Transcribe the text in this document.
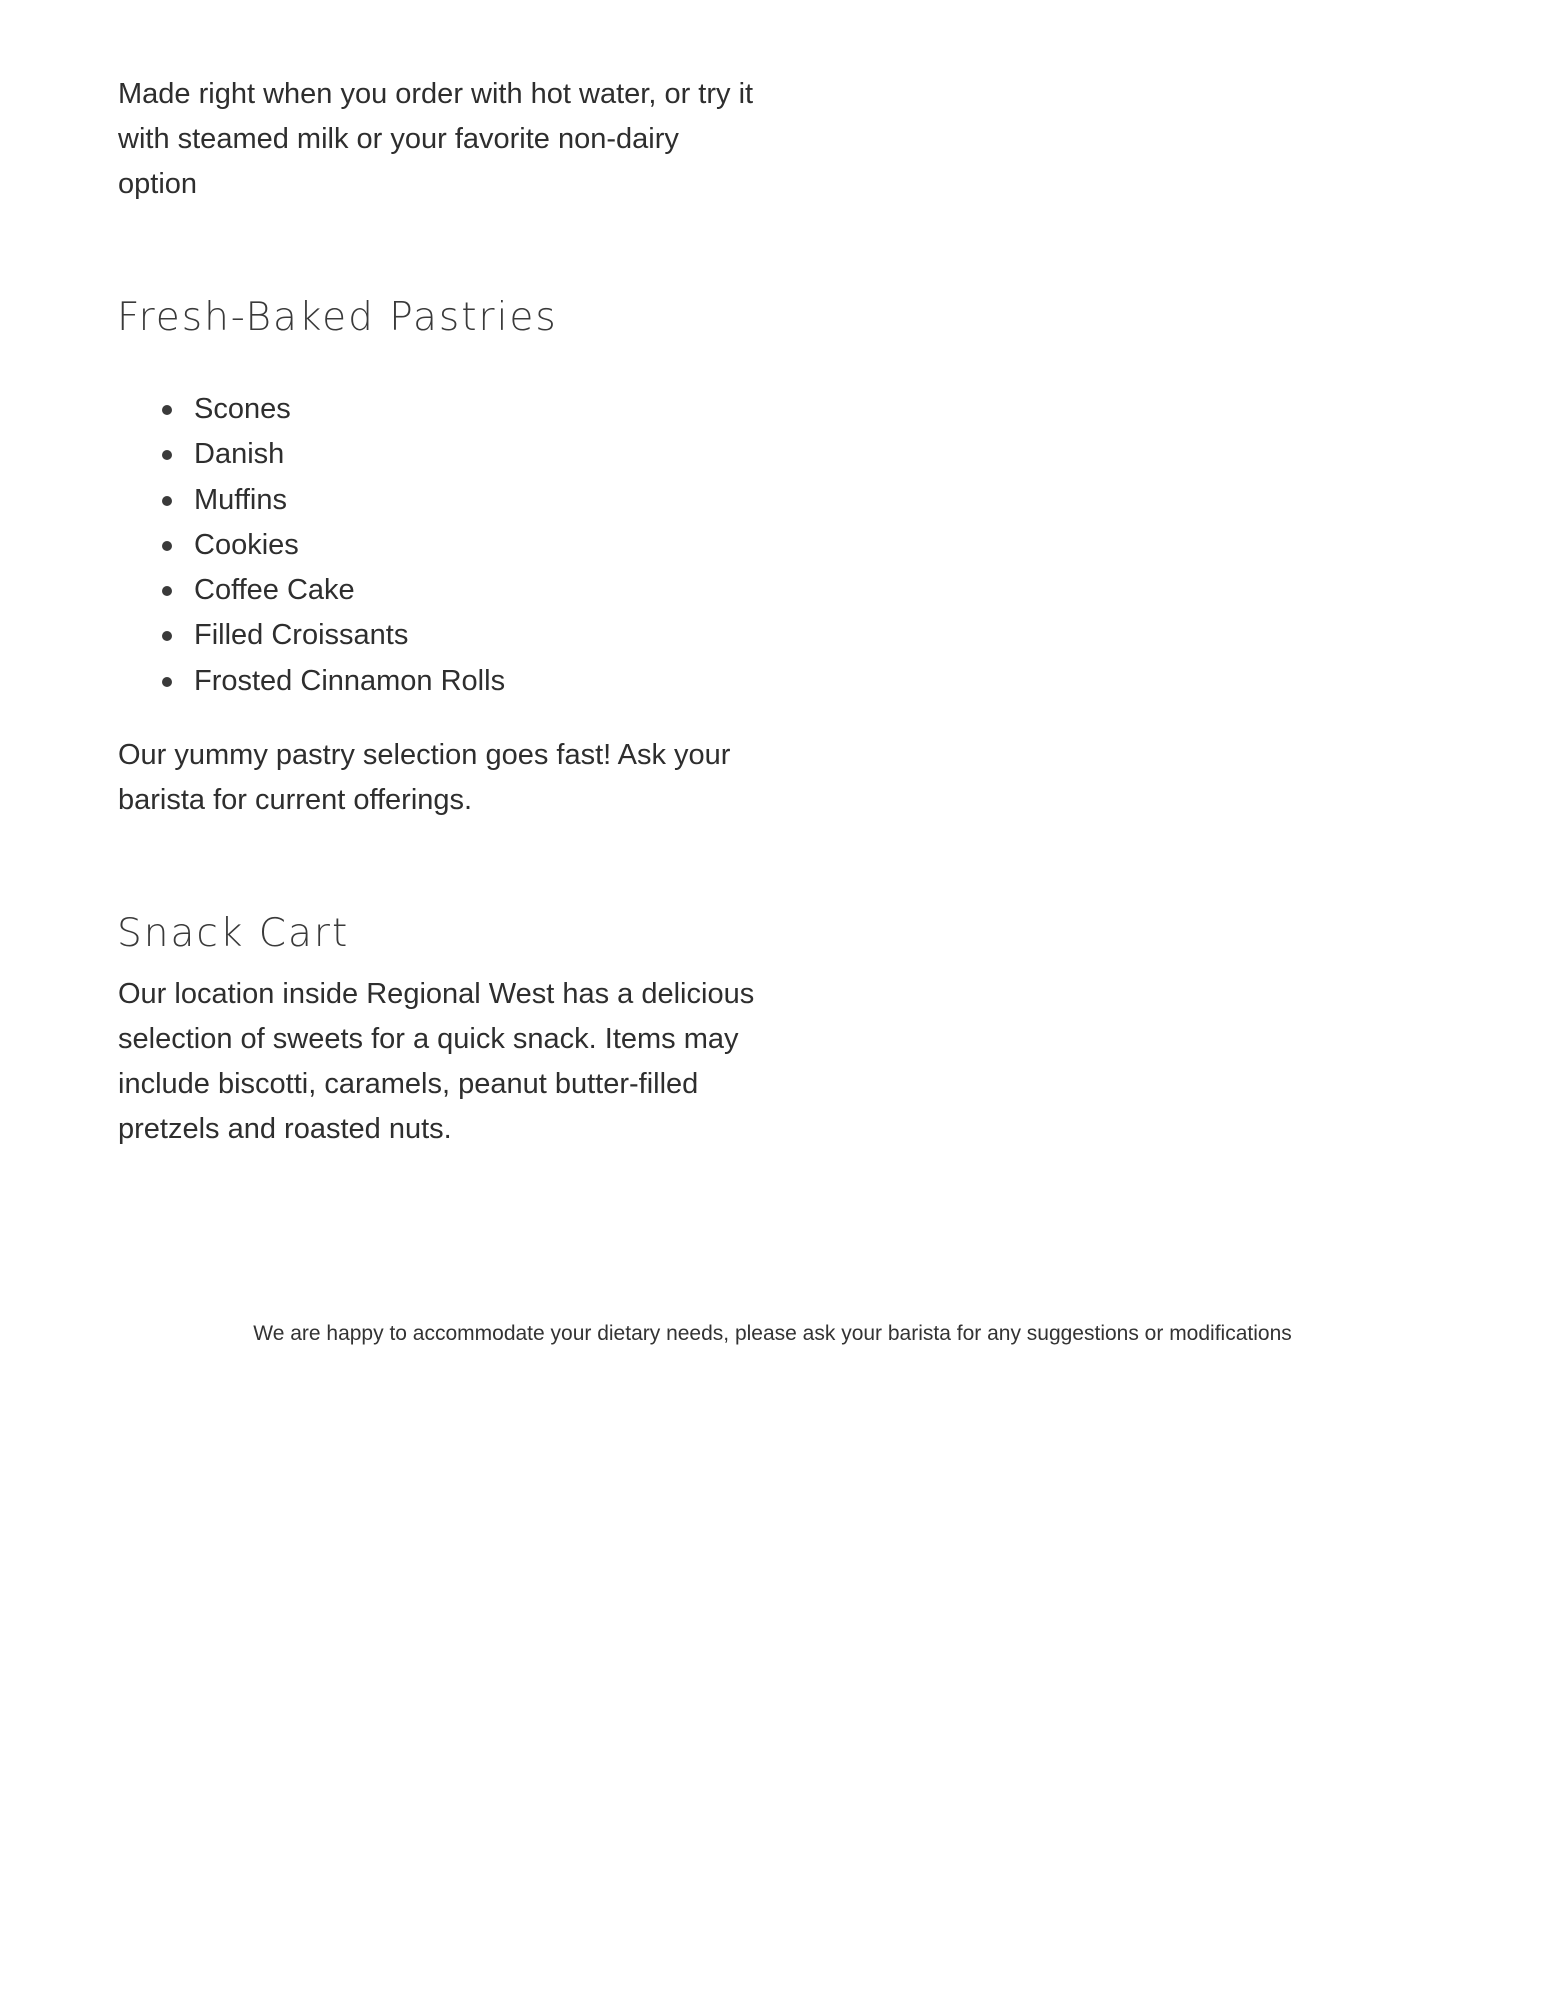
Made right when you order with hot water, or try it with steamed milk or your favorite non-dairy option

Fresh-Baked Pastries
Scones
Danish
Muffins
Cookies
Coffee Cake
Filled Croissants
Frosted Cinnamon Rolls

Our yummy pastry selection goes fast! Ask your barista for current offerings.

Snack Cart

Our location inside Regional West has a delicious selection of sweets for a quick snack. Items may include biscotti, caramels, peanut butter-filled pretzels and roasted nuts.

We are happy to accommodate your dietary needs, please ask your barista for any suggestions or modifications
